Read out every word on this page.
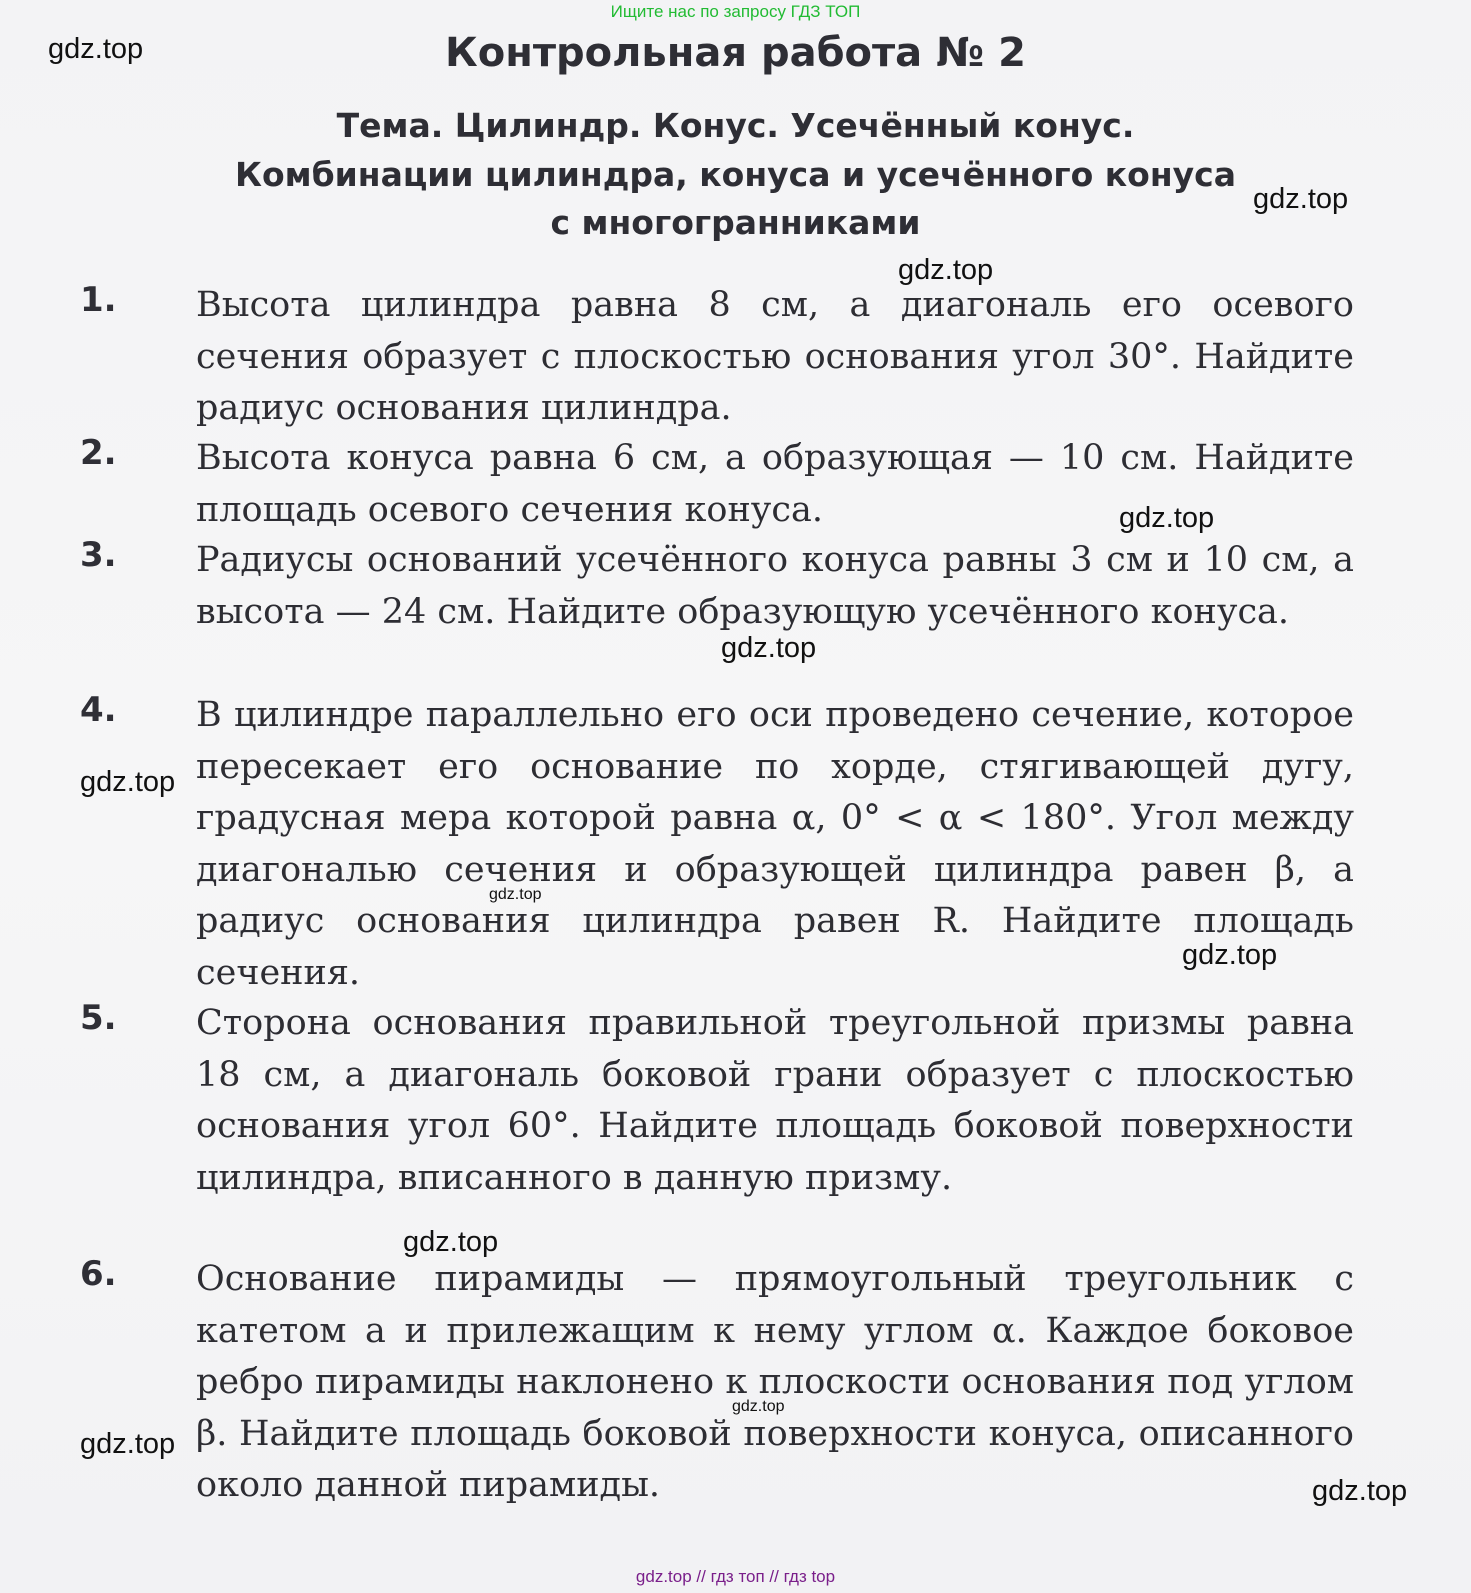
Ищите нас по запросу ГДЗ ТОП
Контрольная работа № 2
Тема. Цилиндр. Конус. Усечённый конус.
Комбинации цилиндра, конуса и усечённого конуса
с многогранниками
1. Высота цилиндра равна 8 см, а диагональ его осевого сечения образует с плоскостью основания угол 30°. Найдите радиус основания цилиндра.
2. Высота конуса равна 6 см, а образующая — 10 см. Найдите площадь осевого сечения конуса.
3. Радиусы оснований усечённого конуса равны 3 см и 10 см, а высота — 24 см. Найдите образующую усечённого конуса.
4. В цилиндре параллельно его оси проведено сечение, которое пересекает его основание по хорде, стягивающей дугу, градусная мера которой равна α, 0° < α < 180°. Угол между диагональю сечения и образующей цилиндра равен β, а радиус основания цилиндра равен R. Найдите площадь сечения.
5. Сторона основания правильной треугольной призмы равна 18 см, а диагональ боковой грани образует с плоскостью основания угол 60°. Найдите площадь боковой поверхности цилиндра, вписанного в данную призму.
6. Основание пирамиды — прямоугольный треугольник с катетом a и прилежащим к нему углом α. Каждое боковое ребро пирамиды наклонено к плоскости основания под углом β. Найдите площадь боковой поверхности конуса, описанного около данной пирамиды.
gdz.top
gdz.top
gdz.top
gdz.top
gdz.top
gdz.top
gdz.top
gdz.top
gdz.top
gdz.top
gdz.top
gdz.top
gdz.top // гдз топ // гдз top
